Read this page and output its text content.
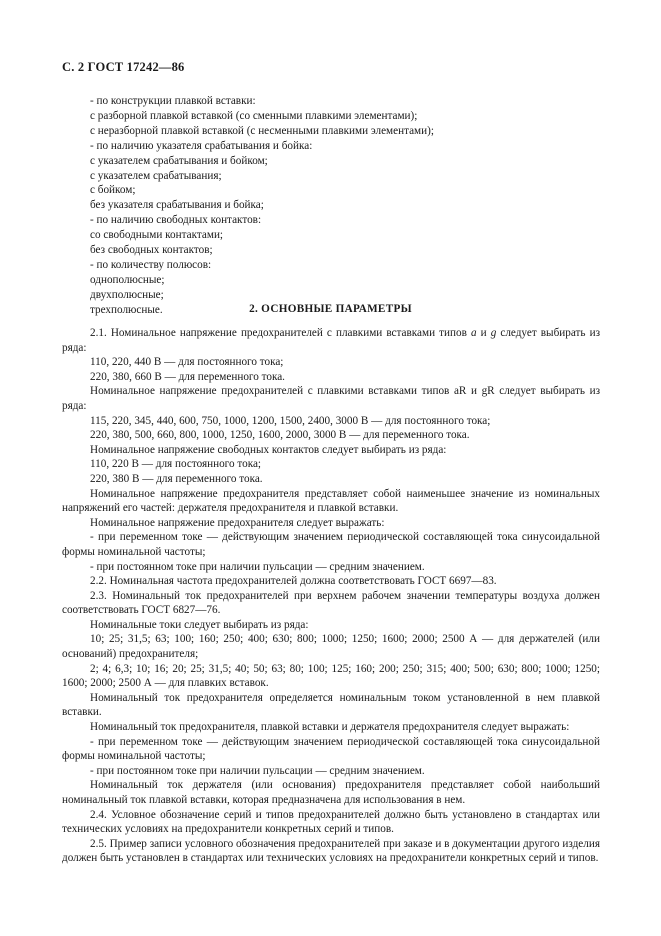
С. 2 ГОСТ 17242—86
- по конструкции плавкой вставки:
с разборной плавкой вставкой (со сменными плавкими элементами);
с неразборной плавкой вставкой (с несменными плавкими элементами);
- по наличию указателя срабатывания и бойка:
с указателем срабатывания и бойком;
с указателем срабатывания;
с бойком;
без указателя срабатывания и бойка;
- по наличию свободных контактов:
со свободными контактами;
без свободных контактов;
- по количеству полюсов:
однополюсные;
двухполюсные;
трехполюсные.	2. ОСНОВНЫЕ ПАРАМЕТРЫ

2.1. Номинальное напряжение предохранителей с плавкими вставками типов a и g следует выбирать из ряда:

110, 220, 440 В — для постоянного тока;

220, 380, 660 В — для переменного тока.

Номинальное напряжение предохранителей с плавкими вставками типов aR и gR следует выбирать из ряда:

115, 220, 345, 440, 600, 750, 1000, 1200, 1500, 2400, 3000 В — для постоянного тока;

220, 380, 500, 660, 800, 1000, 1250, 1600, 2000, 3000 В — для переменного тока.

Номинальное напряжение свободных контактов следует выбирать из ряда:

110, 220 В — для постоянного тока;

220, 380 В — для переменного тока.

Номинальное напряжение предохранителя представляет собой наименьшее значение из номинальных напряжений его частей: держателя предохранителя и плавкой вставки.

Номинальное напряжение предохранителя следует выражать:

- при переменном токе — действующим значением периодической составляющей тока синусоидальной формы номинальной частоты;

- при постоянном токе при наличии пульсации — средним значением.

2.2. Номинальная частота предохранителей должна соответствовать ГОСТ 6697—83.

2.3. Номинальный ток предохранителей при верхнем рабочем значении температуры воздуха должен соответствовать ГОСТ 6827—76.

Номинальные токи следует выбирать из ряда:

10; 25; 31,5; 63; 100; 160; 250; 400; 630; 800; 1000; 1250; 1600; 2000; 2500 А — для держателей (или оснований) предохранителя;

2; 4; 6,3; 10; 16; 20; 25; 31,5; 40; 50; 63; 80; 100; 125; 160; 200; 250; 315; 400; 500; 630; 800; 1000; 1250; 1600; 2000; 2500 А — для плавких вставок.

Номинальный ток предохранителя определяется номинальным током установленной в нем плавкой вставки.

Номинальный ток предохранителя, плавкой вставки и держателя предохранителя следует выражать:

- при переменном токе — действующим значением периодической составляющей тока синусоидальной формы номинальной частоты;

- при постоянном токе при наличии пульсации — средним значением.

Номинальный ток держателя (или основания) предохранителя представляет собой наибольший номинальный ток плавкой вставки, которая предназначена для использования в нем.

2.4. Условное обозначение серий и типов предохранителей должно быть установлено в стандартах или технических условиях на предохранители конкретных серий и типов.

2.5. Пример записи условного обозначения предохранителей при заказе и в документации другого изделия должен быть установлен в стандартах или технических условиях на предохранители конкретных серий и типов.
